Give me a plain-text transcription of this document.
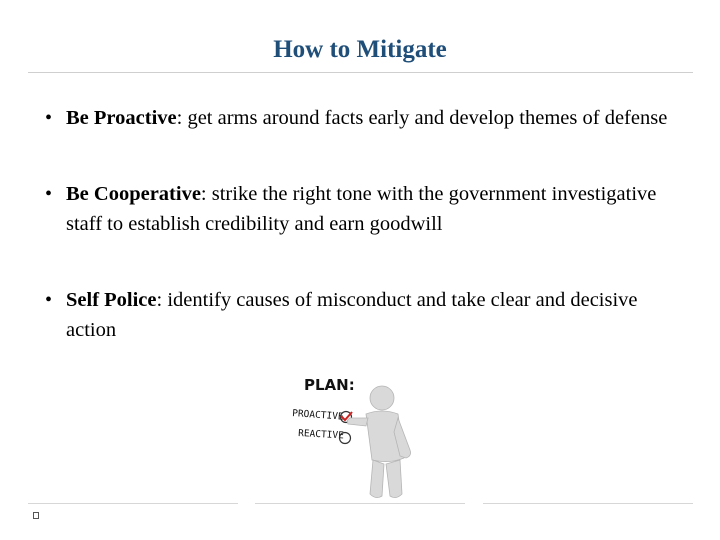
How to Mitigate
• Be Proactive: get arms around facts early and develop themes of defense
• Be Cooperative: strike the right tone with the government investigative staff to establish credibility and earn goodwill
• Self Police: identify causes of misconduct and take clear and decisive action
PLAN:
PROACTIVE
REACTIVE
